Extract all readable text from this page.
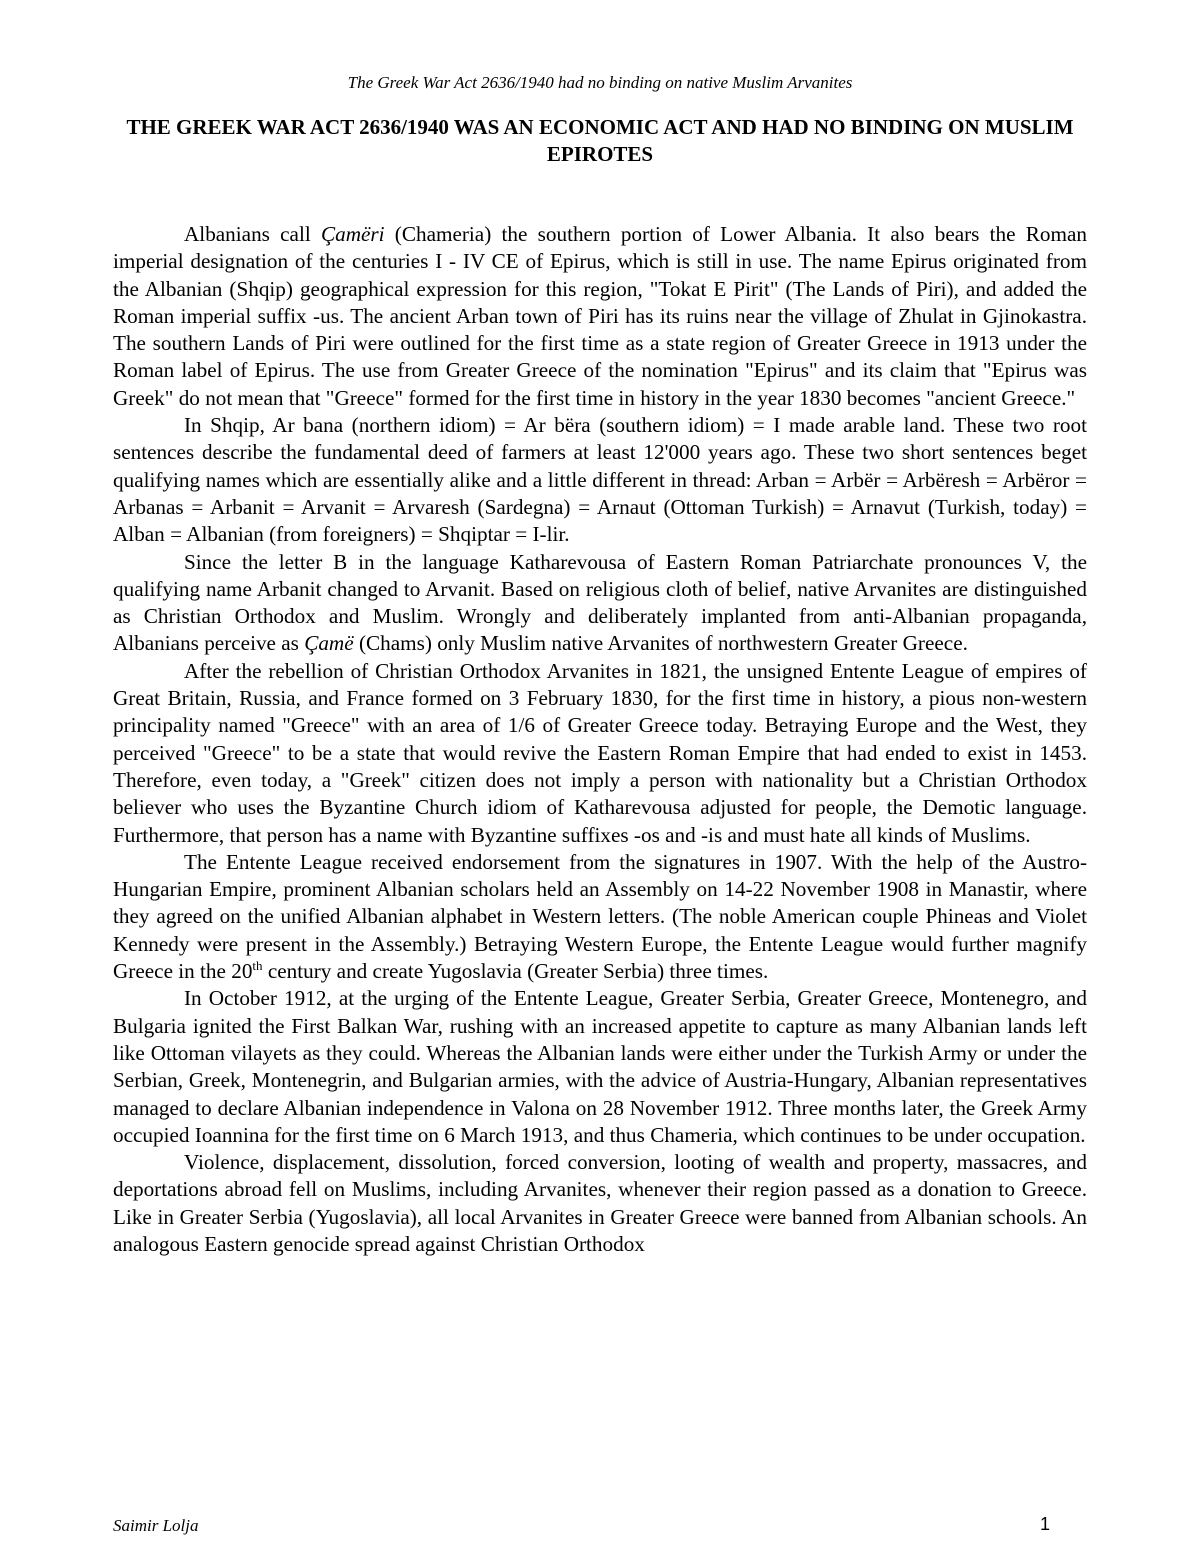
The Greek War Act 2636/1940 had no binding on native Muslim Arvanites
THE GREEK WAR ACT 2636/1940 WAS AN ECONOMIC ACT AND HAD NO BINDING ON MUSLIM EPIROTES

Albanians call Çamëri (Chameria) the southern portion of Lower Albania. It also bears the Roman imperial designation of the centuries I - IV CE of Epirus, which is still in use. The name Epirus originated from the Albanian (Shqip) geographical expression for this region, "Tokat E Pirit" (The Lands of Piri), and added the Roman imperial suffix -us. The ancient Arban town of Piri has its ruins near the village of Zhulat in Gjinokastra. The southern Lands of Piri were outlined for the first time as a state region of Greater Greece in 1913 under the Roman label of Epirus. The use from Greater Greece of the nomination "Epirus" and its claim that "Epirus was Greek" do not mean that "Greece" formed for the first time in history in the year 1830 becomes "ancient Greece."

In Shqip, Ar bana (northern idiom) = Ar bëra (southern idiom) = I made arable land. These two root sentences describe the fundamental deed of farmers at least 12'000 years ago. These two short sentences beget qualifying names which are essentially alike and a little different in thread: Arban = Arbër = Arbëresh = Arbëror = Arbanas = Arbanit = Arvanit = Arvaresh (Sardegna) = Arnaut (Ottoman Turkish) = Arnavut (Turkish, today) = Alban = Albanian (from foreigners) = Shqiptar = I-lir.

Since the letter B in the language Katharevousa of Eastern Roman Patriarchate pronounces V, the qualifying name Arbanit changed to Arvanit. Based on religious cloth of belief, native Arvanites are distinguished as Christian Orthodox and Muslim. Wrongly and deliberately implanted from anti-Albanian propaganda, Albanians perceive as Çamë (Chams) only Muslim native Arvanites of northwestern Greater Greece.

After the rebellion of Christian Orthodox Arvanites in 1821, the unsigned Entente League of empires of Great Britain, Russia, and France formed on 3 February 1830, for the first time in history, a pious non-western principality named "Greece" with an area of 1/6 of Greater Greece today. Betraying Europe and the West, they perceived "Greece" to be a state that would revive the Eastern Roman Empire that had ended to exist in 1453. Therefore, even today, a "Greek" citizen does not imply a person with nationality but a Christian Orthodox believer who uses the Byzantine Church idiom of Katharevousa adjusted for people, the Demotic language. Furthermore, that person has a name with Byzantine suffixes -os and -is and must hate all kinds of Muslims.

The Entente League received endorsement from the signatures in 1907. With the help of the Austro-Hungarian Empire, prominent Albanian scholars held an Assembly on 14-22 November 1908 in Manastir, where they agreed on the unified Albanian alphabet in Western letters. (The noble American couple Phineas and Violet Kennedy were present in the Assembly.) Betraying Western Europe, the Entente League would further magnify Greece in the 20th century and create Yugoslavia (Greater Serbia) three times.

In October 1912, at the urging of the Entente League, Greater Serbia, Greater Greece, Montenegro, and Bulgaria ignited the First Balkan War, rushing with an increased appetite to capture as many Albanian lands left like Ottoman vilayets as they could. Whereas the Albanian lands were either under the Turkish Army or under the Serbian, Greek, Montenegrin, and Bulgarian armies, with the advice of Austria-Hungary, Albanian representatives managed to declare Albanian independence in Valona on 28 November 1912. Three months later, the Greek Army occupied Ioannina for the first time on 6 March 1913, and thus Chameria, which continues to be under occupation.

Violence, displacement, dissolution, forced conversion, looting of wealth and property, massacres, and deportations abroad fell on Muslims, including Arvanites, whenever their region passed as a donation to Greece. Like in Greater Serbia (Yugoslavia), all local Arvanites in Greater Greece were banned from Albanian schools. An analogous Eastern genocide spread against Christian Orthodox

Saimir Lolja	1
